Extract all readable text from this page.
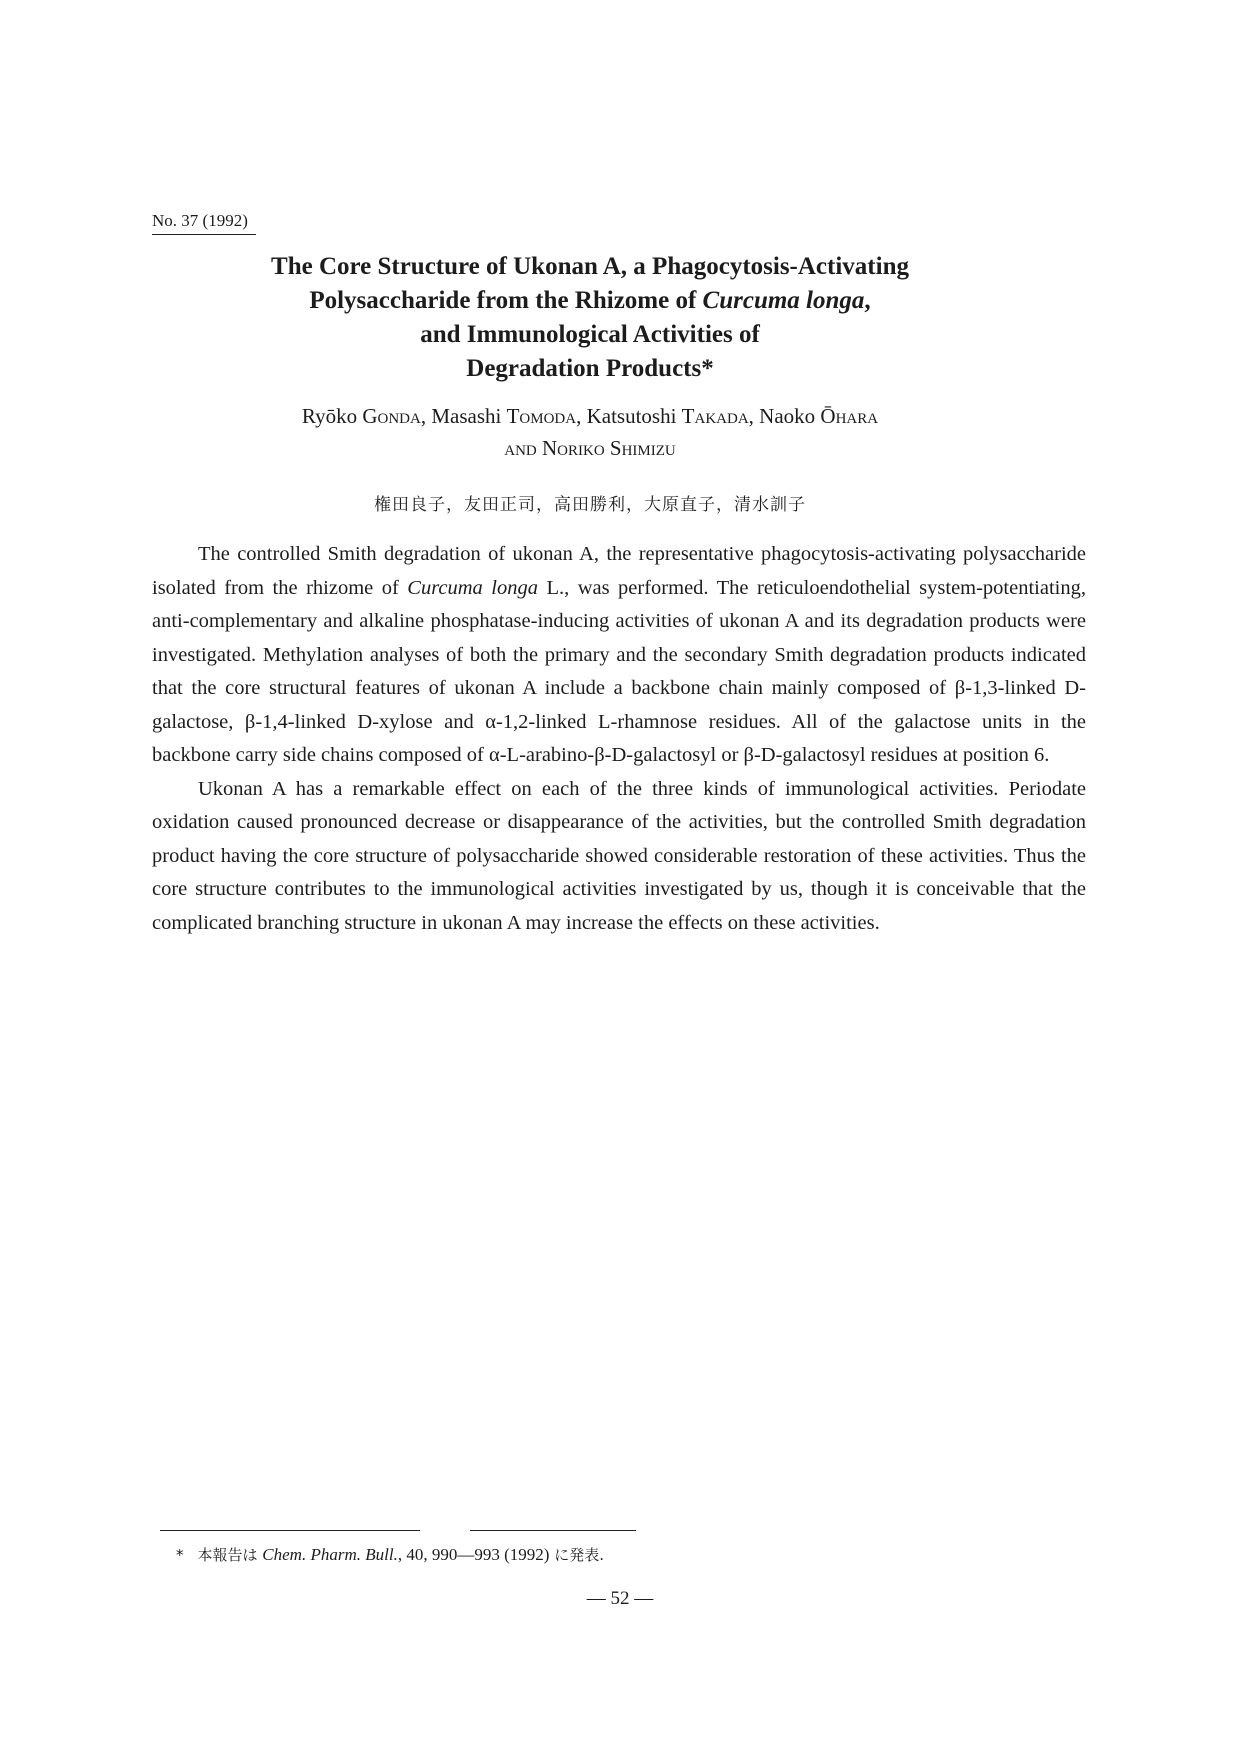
No. 37 (1992)
The Core Structure of Ukonan A, a Phagocytosis-Activating
Polysaccharide from the Rhizome of Curcuma longa,
and Immunological Activities of
Degradation Products*
Ryōko Gonda, Masashi Tomoda, Katsutoshi Takada, Naoko Ōhara
and Noriko Shimizu
権田良子，友田正司，高田勝利，大原直子，清水訓子

The controlled Smith degradation of ukonan A, the representative phagocytosis-activating polysaccharide isolated from the rhizome of Curcuma longa L., was performed. The reticuloendothelial system-potentiating, anti-complementary and alkaline phosphatase-inducing activities of ukonan A and its degradation products were investigated. Methylation analyses of both the primary and the secondary Smith degradation products indicated that the core structural features of ukonan A include a backbone chain mainly composed of β-1,3-linked D-galactose, β-1,4-linked D-xylose and α-1,2-linked L-rhamnose residues. All of the galactose units in the backbone carry side chains composed of α-L-arabino-β-D-galactosyl or β-D-galactosyl residues at position 6.

Ukonan A has a remarkable effect on each of the three kinds of immunological activities. Periodate oxidation caused pronounced decrease or disappearance of the activities, but the controlled Smith degradation product having the core structure of polysaccharide showed considerable restoration of these activities. Thus the core structure contributes to the immunological activities investigated by us, though it is conceivable that the complicated branching structure in ukonan A may increase the effects on these activities.

* 本報告は Chem. Pharm. Bull., 40, 990—993 (1992) に発表.
— 52 —
